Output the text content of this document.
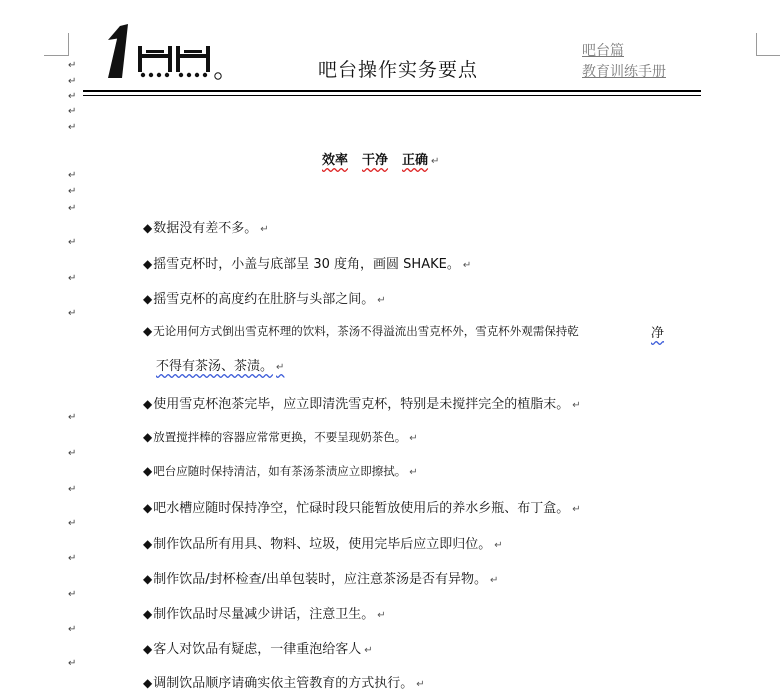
吧台操作实务要点
吧台篇
教育训练手册
↵
↵
↵
↵
↵
↵
↵
↵
↵
↵
↵
↵
↵
↵
↵
↵
↵
↵
↵
效率 干净 正确 ↵
◆数据没有差不多。 ↵
◆摇雪克杯时，小盖与底部呈 30 度角，画圆 SHAKE。 ↵
◆摇雪克杯的高度约在肚脐与头部之间。 ↵
◆无论用何方式倒出雪克杯理的饮料，茶汤不得溢流出雪克杯外，雪克杯外观需保持乾	净
不得有茶汤、茶渍。 ↵
◆使用雪克杯泡茶完毕，应立即清洗雪克杯，特别是未搅拌完全的植脂末。 ↵
◆放置搅拌棒的容器应常常更换，不要呈现奶茶色。 ↵
◆吧台应随时保持清洁，如有茶汤茶渍应立即擦拭。 ↵
◆吧水槽应随时保持净空，忙碌时段只能暂放使用后的养水乡瓶、布丁盒。 ↵
◆制作饮品所有用具、物料、垃圾，使用完毕后应立即归位。 ↵
◆制作饮品/封杯检查/出单包装时，应注意茶汤是否有异物。 ↵
◆制作饮品时尽量减少讲话，注意卫生。 ↵
◆客人对饮品有疑虑，一律重泡给客人 ↵
◆调制饮品顺序请确实依主管教育的方式执行。 ↵
